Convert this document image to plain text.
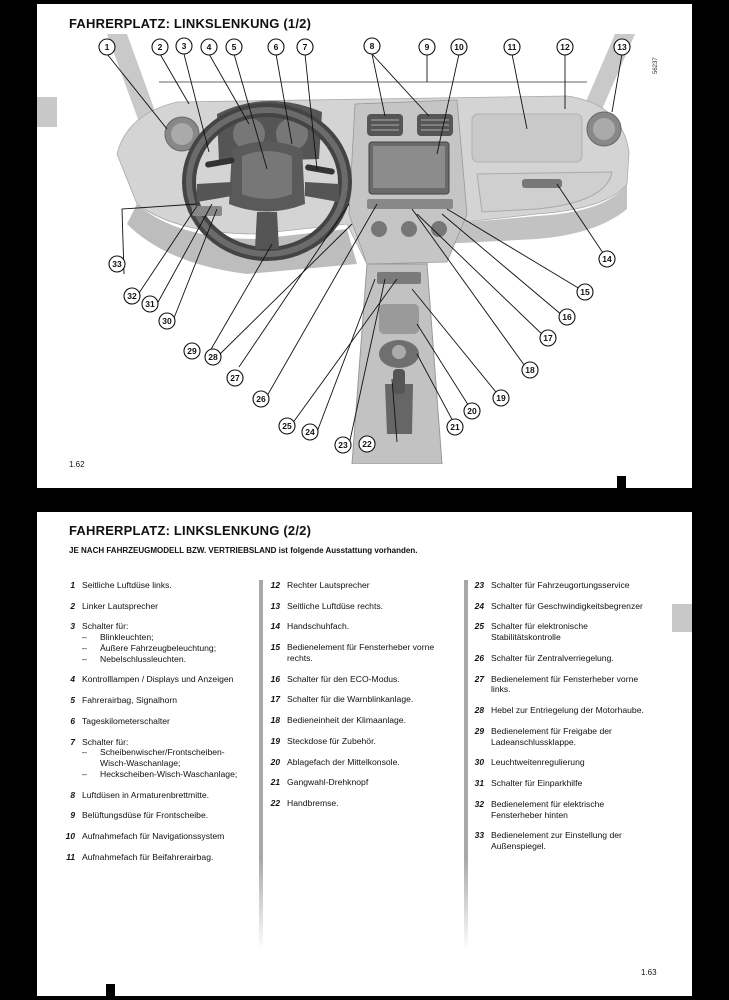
FAHRERPLATZ: LINKSLENKUNG (1/2)
56237
1	2 3 4 5	6	7	8	9	10	11	12	13
14
15
16
17
18
19
20
21
22
23
24
25
26
27
28
29
30
31
32
33
1.62
FAHRERPLATZ: LINKSLENKUNG (2/2)
JE NACH FAHRZEUGMODELL BZW. VERTRIEBSLAND ist folgende Ausstattung vorhanden.
1 Seitliche Luftdüse links.
2 Linker Lautsprecher
3 Schalter für:
–	Blinkleuchten;
–	Äußere Fahrzeugbeleuchtung;
–	Nebelschlussleuchten.
4 Kontrolllampen / Displays und Anzeigen
5 Fahrerairbag, Signalhorn
6 Tageskilometerschalter
7 Schalter für:
–	Scheibenwischer/Frontscheiben-Wisch-Waschanlage;
–	Heckscheiben-Wisch-Waschanlage;
8 Luftdüsen in Armaturenbrettmitte.
9 Belüftungsdüse für Frontscheibe.
10 Aufnahmefach für Navigationssystem
11 Aufnahmefach für Beifahrerairbag.
12 Rechter Lautsprecher
13 Seitliche Luftdüse rechts.
14 Handschuhfach.
15 Bedienelement für Fensterheber vorne rechts.
16 Schalter für den ECO-Modus.
17 Schalter für die Warnblinkanlage.
18 Bedieneinheit der Klimaanlage.
19 Steckdose für Zubehör.
20 Ablagefach der Mittelkonsole.
21 Gangwahl-Drehknopf
22 Handbremse.
23 Schalter für Fahrzeugortungsservice
24 Schalter für Geschwindigkeitsbegrenzer
25 Schalter für elektronische Stabilitätskontrolle
26 Schalter für Zentralverriegelung.
27 Bedienelement für Fensterheber vorne links.
28 Hebel zur Entriegelung der Motorhaube.
29 Bedienelement für Freigabe der Ladeanschlussklappe.
30 Leuchtweitenregulierung
31 Schalter für Einparkhilfe
32 Bedienelement für elektrische Fensterheber hinten
33 Bedienelement zur Einstellung der Außenspiegel.
1.63
